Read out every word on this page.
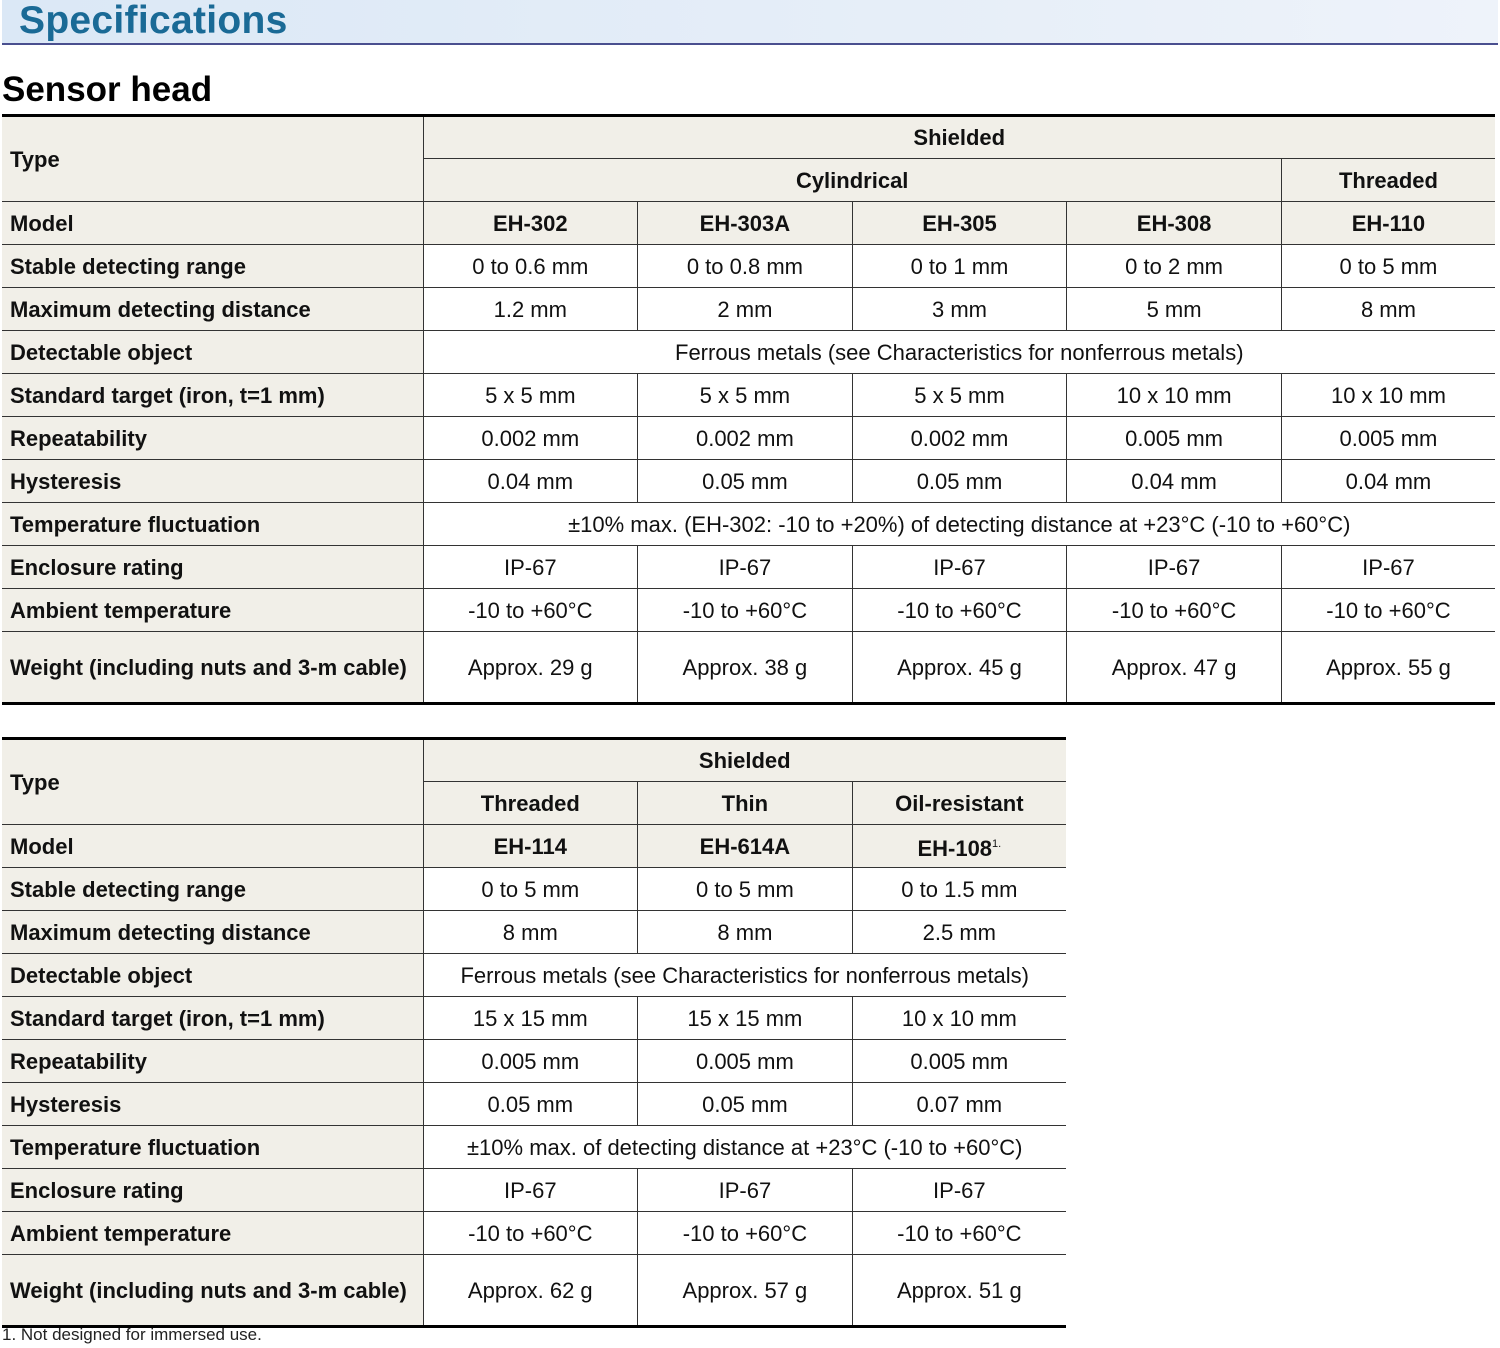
Specifications
Sensor head
Type	Shielded				
	Cylindrical				Threaded
Model	EH-302	EH-303A	EH-305	EH-308	EH-110
Stable detecting range	0 to 0.6 mm	0 to 0.8 mm	0 to 1 mm	0 to 2 mm	0 to 5 mm
Maximum detecting distance	1.2 mm	2 mm	3 mm	5 mm	8 mm
Detectable object	Ferrous metals (see Characteristics for nonferrous metals)				
Standard target (iron, t=1 mm)	5 x 5 mm	5 x 5 mm	5 x 5 mm	10 x 10 mm	10 x 10 mm
Repeatability	0.002 mm	0.002 mm	0.002 mm	0.005 mm	0.005 mm
Hysteresis	0.04 mm	0.05 mm	0.05 mm	0.04 mm	0.04 mm
Temperature fluctuation	±10% max. (EH-302: -10 to +20%) of detecting distance at +23°C (-10 to +60°C)				
Enclosure rating	IP-67	IP-67	IP-67	IP-67	IP-67
Ambient temperature	-10 to +60°C	-10 to +60°C	-10 to +60°C	-10 to +60°C	-10 to +60°C
Weight (including nuts and 3-m cable)	Approx. 29 g	Approx. 38 g	Approx. 45 g	Approx. 47 g	Approx. 55 g
Type	Shielded		
	Threaded	Thin	Oil-resistant
Model	EH-114	EH-614A	EH-108$^{1.}$
Stable detecting range	0 to 5 mm	0 to 5 mm	0 to 1.5 mm
Maximum detecting distance	8 mm	8 mm	2.5 mm
Detectable object	Ferrous metals (see Characteristics for nonferrous metals)		
Standard target (iron, t=1 mm)	15 x 15 mm	15 x 15 mm	10 x 10 mm
Repeatability	0.005 mm	0.005 mm	0.005 mm
Hysteresis	0.05 mm	0.05 mm	0.07 mm
Temperature fluctuation	±10% max. of detecting distance at +23°C (-10 to +60°C)		
Enclosure rating	IP-67	IP-67	IP-67
Ambient temperature	-10 to +60°C	-10 to +60°C	-10 to +60°C
Weight (including nuts and 3-m cable)	Approx. 62 g	Approx. 57 g	Approx. 51 g
1. Not designed for immersed use.
